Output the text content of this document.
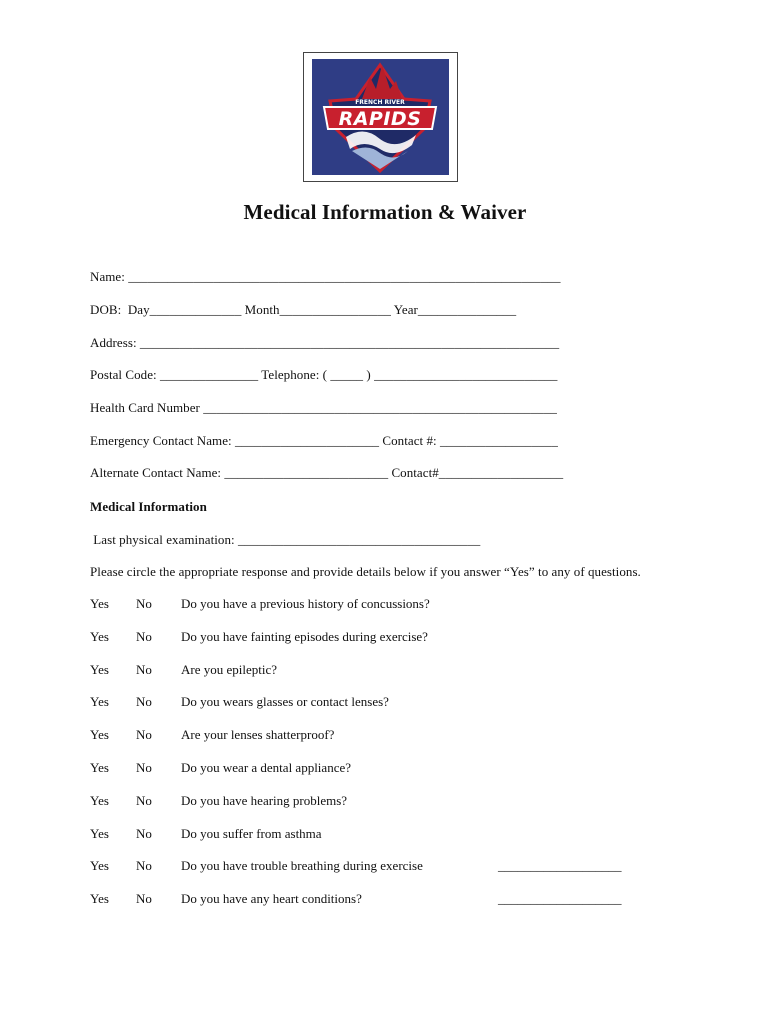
FRENCH RIVER
RAPIDS
Medical Information & Waiver
Name: __________________________________________________________________
DOB:  Day______________ Month_________________ Year_______________
Address: ________________________________________________________________
Postal Code: _______________ Telephone: ( _____ ) ____________________________
Health Card Number ______________________________________________________
Emergency Contact Name: ______________________ Contact #: __________________
Alternate Contact Name: _________________________ Contact#___________________
Medical Information
Last physical examination: _____________________________________
Please circle the appropriate response and provide details below if you answer “Yes” to any of questions.
Yes No Do you have a previous history of concussions?
Yes No Do you have fainting episodes during exercise?
Yes No Are you epileptic?
Yes No Do you wears glasses or contact lenses?
Yes No Are your lenses shatterproof?
Yes No Do you wear a dental appliance?
Yes No Do you have hearing problems?
Yes No Do you suffer from asthma
Yes No Do you have trouble breathing during exercise	___________________
Yes No Do you have any heart conditions?	___________________
